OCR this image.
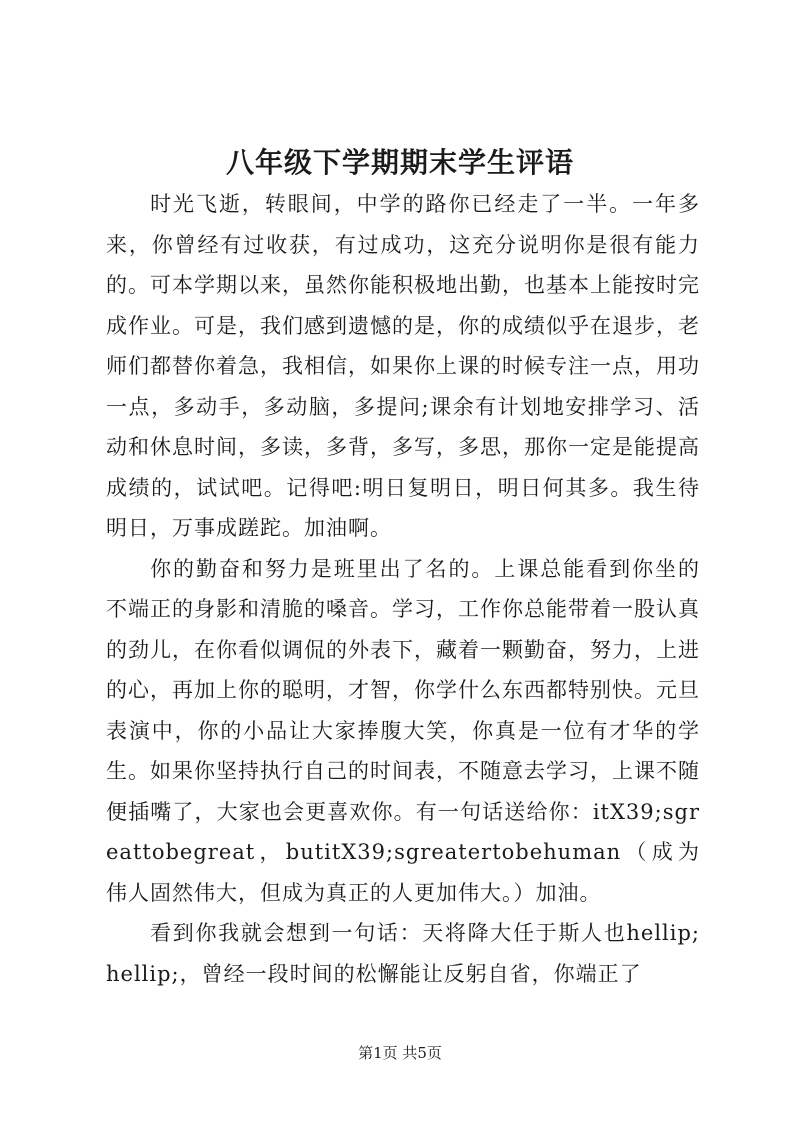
八年级下学期期末学生评语

时光飞逝，转眼间，中学的路你已经走了一半。一年多来，你曾经有过收获，有过成功，这充分说明你是很有能力的。可本学期以来，虽然你能积极地出勤，也基本上能按时完成作业。可是，我们感到遗憾的是，你的成绩似乎在退步，老师们都替你着急，我相信，如果你上课的时候专注一点，用功一点，多动手，多动脑，多提问;课余有计划地安排学习、活动和休息时间，多读，多背，多写，多思，那你一定是能提高成绩的，试试吧。记得吧:明日复明日，明日何其多。我生待明日，万事成蹉跎。加油啊。

你的勤奋和努力是班里出了名的。上课总能看到你坐的不端正的身影和清脆的嗓音。学习，工作你总能带着一股认真的劲儿，在你看似调侃的外表下，藏着一颗勤奋，努力，上进的心，再加上你的聪明，才智，你学什么东西都特别快。元旦表演中，你的小品让大家捧腹大笑，你真是一位有才华的学生。如果你坚持执行自己的时间表，不随意去学习，上课不随便插嘴了，大家也会更喜欢你。有一句话送给你：itX39;sgreattobegreat，butitX39;sgreatertobehuman（成为伟人固然伟大，但成为真正的人更加伟大。）加油。

看到你我就会想到一句话：天将降大任于斯人也hellip;hellip;，曾经一段时间的松懈能让反躬自省，你端正了

第1页 共5页
